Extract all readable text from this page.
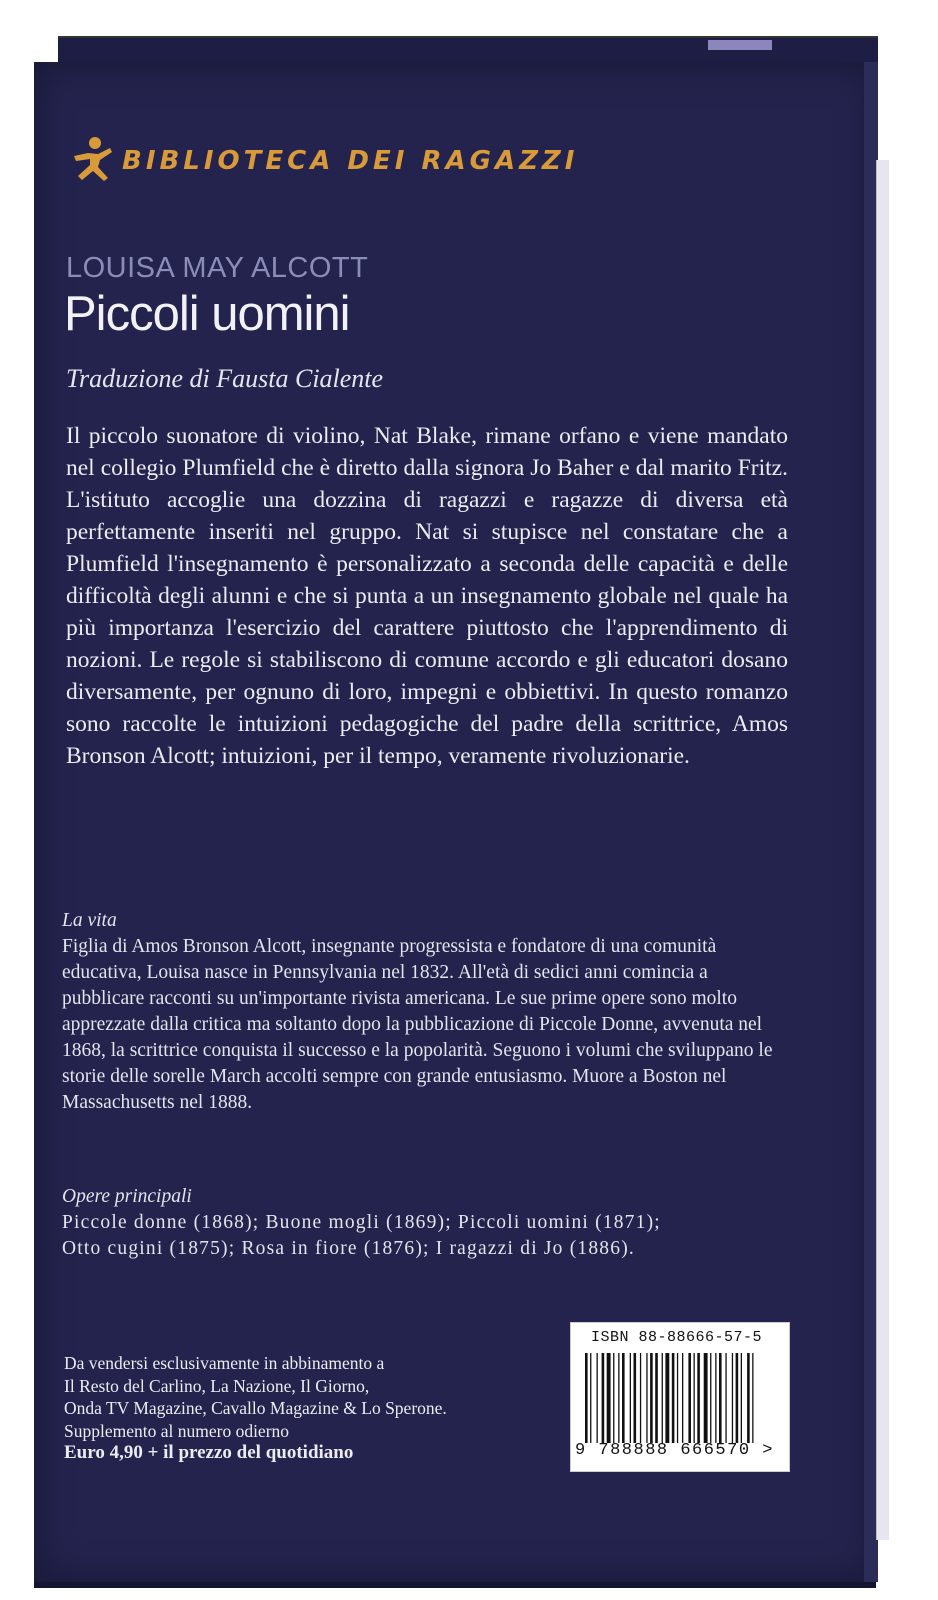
BIBLIOTECA DEI RAGAZZI
LOUISA MAY ALCOTT
Piccoli uomini
Traduzione di Fausta Cialente
Il piccolo suonatore di violino, Nat Blake, rimane orfano e viene mandato nel collegio Plumfield che è diretto dalla signora Jo Baher e dal marito Fritz. L'istituto accoglie una dozzina di ragazzi e ragazze di diversa età perfettamente inseriti nel gruppo. Nat si stupisce nel constatare che a Plumfield l'insegnamento è personalizzato a seconda delle capacità e delle difficoltà degli alunni e che si punta a un insegnamento globale nel quale ha più importanza l'esercizio del carattere piuttosto che l'apprendimento di nozioni. Le regole si stabiliscono di comune accordo e gli educatori dosano diversamente, per ognuno di loro, impegni e obbiettivi. In questo romanzo sono raccolte le intuizioni pedagogiche del padre della scrittrice, Amos Bronson Alcott; intuizioni, per il tempo, veramente rivoluzionarie.
La vita
Figlia di Amos Bronson Alcott, insegnante progressista e fondatore di una comunità educativa, Louisa nasce in Pennsylvania nel 1832. All'età di sedici anni comincia a pubblicare racconti su un'importante rivista americana. Le sue prime opere sono molto apprezzate dalla critica ma soltanto dopo la pubblicazione di Piccole Donne, avvenuta nel 1868, la scrittrice conquista il successo e la popolarità. Seguono i volumi che sviluppano le storie delle sorelle March accolti sempre con grande entusiasmo. Muore a Boston nel Massachusetts nel 1888.
Opere principali
Piccole donne (1868); Buone mogli (1869); Piccoli uomini (1871);
Otto cugini (1875); Rosa in fiore (1876); I ragazzi di Jo (1886).
Da vendersi esclusivamente in abbinamento a
Il Resto del Carlino, La Nazione, Il Giorno,
Onda TV Magazine, Cavallo Magazine & Lo Sperone.
Supplemento al numero odierno
Euro 4,90 + il prezzo del quotidiano
ISBN 88-88666-57-5
9 788888 666570 >
